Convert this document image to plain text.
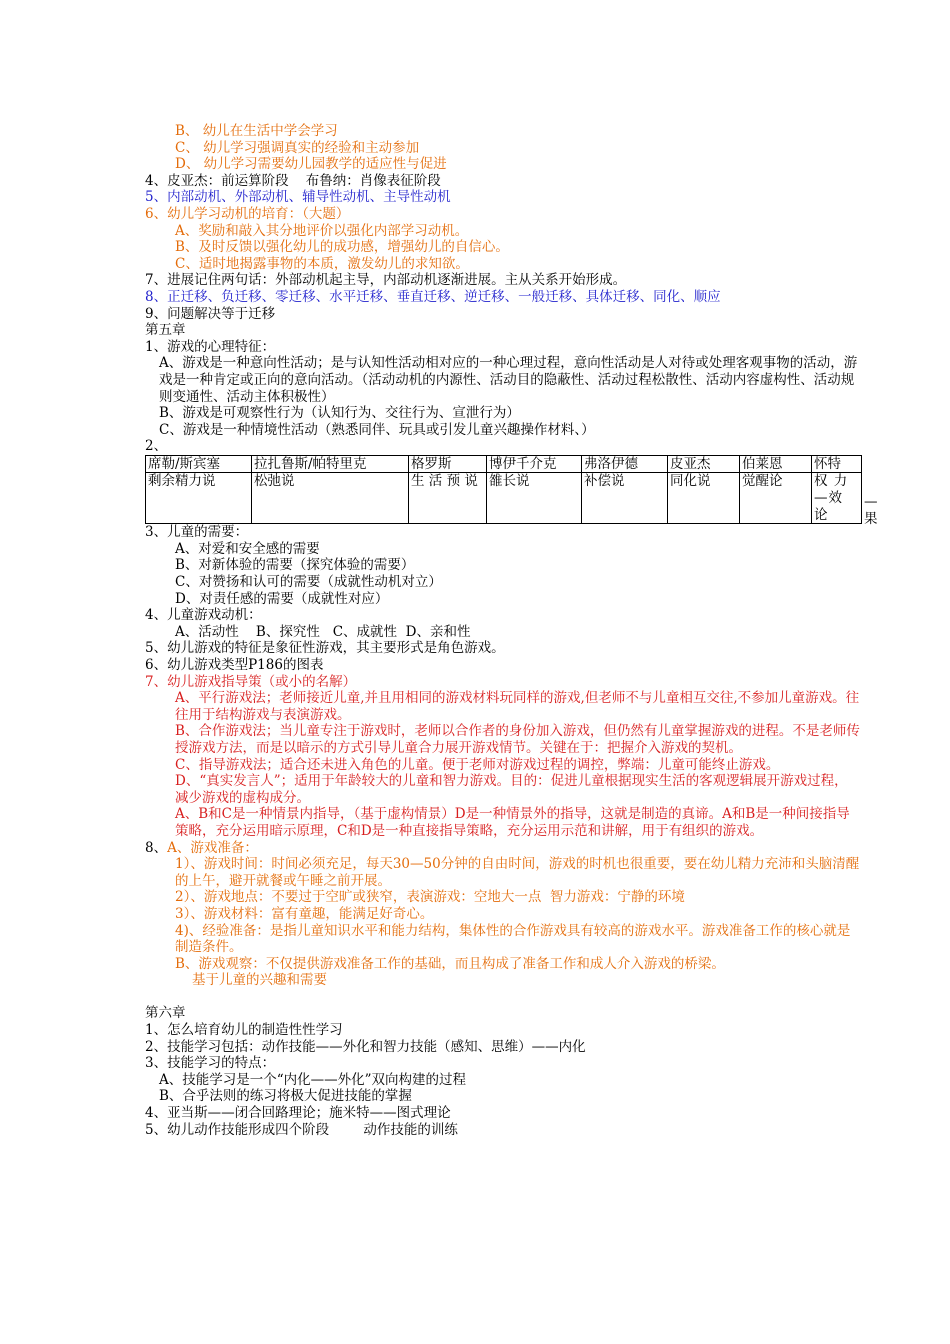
B、 幼儿在生活中学会学习
C、 幼儿学习强调真实的经验和主动参加
D、 幼儿学习需要幼儿园教学的适应性与促进
4、皮亚杰：前运算阶段    布鲁纳：肖像表征阶段
5、内部动机、外部动机、辅导性动机、主导性动机
6、幼儿学习动机的培育：（大题）
A、奖励和敲入其分地评价以强化内部学习动机。
B、及时反馈以强化幼儿的成功感，增强幼儿的自信心。
C、适时地揭露事物的本质，激发幼儿的求知欲。
7、进展记住两句话：外部动机起主导，内部动机逐渐进展。主从关系开始形成。
8、正迁移、负迁移、零迁移、水平迁移、垂直迁移、逆迁移、一般迁移、具体迁移、同化、顺应
9、问题解决等于迁移
第五章
1、游戏的心理特征：
A、游戏是一种意向性活动；是与认知性活动相对应的一种心理过程，意向性活动是人对待或处理客观事物的活动，游戏是一种肯定或正向的意向活动。（活动动机的内源性、活动目的隐蔽性、活动过程松散性、活动内容虚构性、活动规则变通性、活动主体积极性）
B、游戏是可观察性行为（认知行为、交往行为、宣泄行为）
C、游戏是一种情境性活动（熟悉同伴、玩具或引发儿童兴趣操作材料、）
2、
席勒/斯宾塞	拉扎鲁斯/帕特里克	格罗斯	博伊千介克	弗洛伊德	皮亚杰	伯莱恩	怀特
剩余精力说	松弛说	生 活 预 说	雒长说	补偿说	同化说	觉醒论	权 力 —效 论
3、儿童的需要：
A、对爱和安全感的需要
B、对新体验的需要（探究体验的需要）
C、对赞扬和认可的需要（成就性动机对立）
D、对责任感的需要（成就性对应）
4、儿童游戏动机：
A、活动性    B、探究性   C、成就性  D、亲和性
5、幼儿游戏的特征是象征性游戏，其主要形式是角色游戏。
6、幼儿游戏类型P186的图表
7、幼儿游戏指导策（或小的名解）
A、平行游戏法；老师接近儿童,并且用相同的游戏材料玩同样的游戏,但老师不与儿童相互交往,不参加儿童游戏。往往用于结构游戏与表演游戏。
B、合作游戏法；当儿童专注于游戏时，老师以合作者的身份加入游戏，但仍然有儿童掌握游戏的进程。不是老师传授游戏方法，而是以暗示的方式引导儿童合力展开游戏情节。关键在于：把握介入游戏的契机。
C、指导游戏法；适合还未进入角色的儿童。便于老师对游戏过程的调控，弊端：儿童可能终止游戏。
D、“真实发言人”；适用于年龄较大的儿童和智力游戏。目的：促进儿童根据现实生活的客观逻辑展开游戏过程，减少游戏的虚构成分。
A、B和C是一种情景内指导，（基于虚构情景）D是一种情景外的指导，这就是制造的真谛。A和B是一种间接指导策略，充分运用暗示原理，C和D是一种直接指导策略，充分运用示范和讲解，用于有组织的游戏。
8、A、游戏准备：
1）、游戏时间：时间必须充足，每天30—50分钟的自由时间，游戏的时机也很重要，要在幼儿精力充沛和头脑清醒的上午，避开就餐或午睡之前开展。
2）、游戏地点：不要过于空旷或狭窄，表演游戏：空地大一点  智力游戏：宁静的环境
3）、游戏材料：富有童趣，能满足好奇心。
4)、经验准备：是指儿童知识水平和能力结构，集体性的合作游戏具有较高的游戏水平。游戏准备工作的核心就是制造条件。
B、游戏观察：不仅提供游戏准备工作的基础，而且构成了准备工作和成人介入游戏的桥梁。
基于儿童的兴趣和需要
第六章
1、怎么培育幼儿的制造性性学习
2、技能学习包括：动作技能——外化和智力技能（感知、思维）——内化
3、技能学习的特点：
A、技能学习是一个“内化——外化”双向构建的过程
B、合乎法则的练习将极大促进技能的掌握
4、亚当斯——闭合回路理论；施米特——图式理论
5、幼儿动作技能形成四个阶段        动作技能的训练
—
果
